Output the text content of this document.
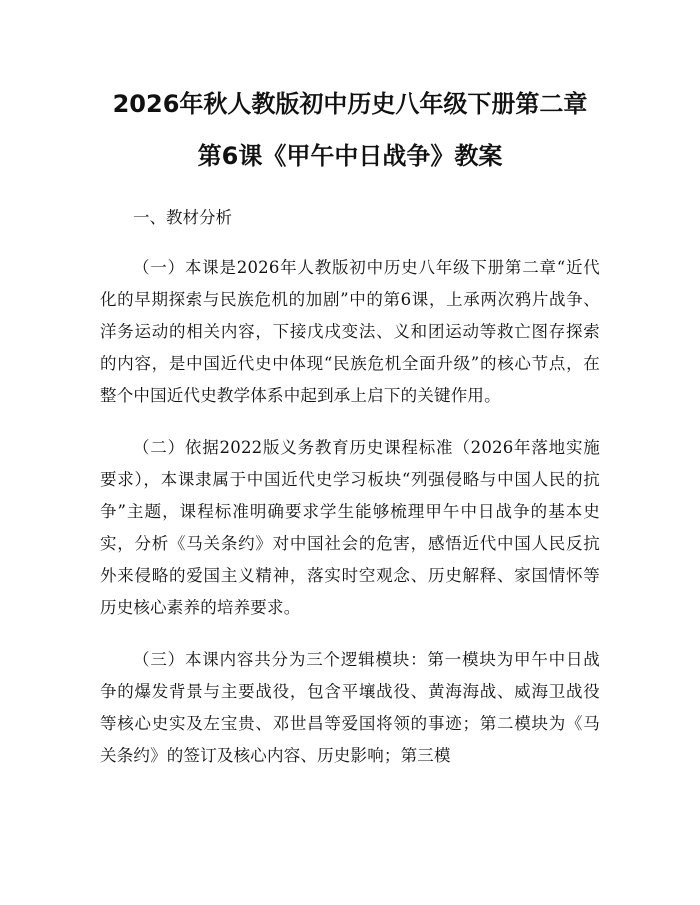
2026年秋人教版初中历史八年级下册第二章
第6课《甲午中日战争》教案

一、教材分析

（一）本课是2026年人教版初中历史八年级下册第二章“近代化的早期探索与民族危机的加剧”中的第6课，上承两次鸦片战争、洋务运动的相关内容，下接戊戌变法、义和团运动等救亡图存探索的内容，是中国近代史中体现“民族危机全面升级”的核心节点，在整个中国近代史教学体系中起到承上启下的关键作用。

（二）依据2022版义务教育历史课程标准（2026年落地实施要求），本课隶属于中国近代史学习板块“列强侵略与中国人民的抗争”主题，课程标准明确要求学生能够梳理甲午中日战争的基本史实，分析《马关条约》对中国社会的危害，感悟近代中国人民反抗外来侵略的爱国主义精神，落实时空观念、历史解释、家国情怀等历史核心素养的培养要求。

（三）本课内容共分为三个逻辑模块：第一模块为甲午中日战争的爆发背景与主要战役，包含平壤战役、黄海海战、威海卫战役等核心史实及左宝贵、邓世昌等爱国将领的事迹；第二模块为《马关条约》的签订及核心内容、历史影响；第三模
